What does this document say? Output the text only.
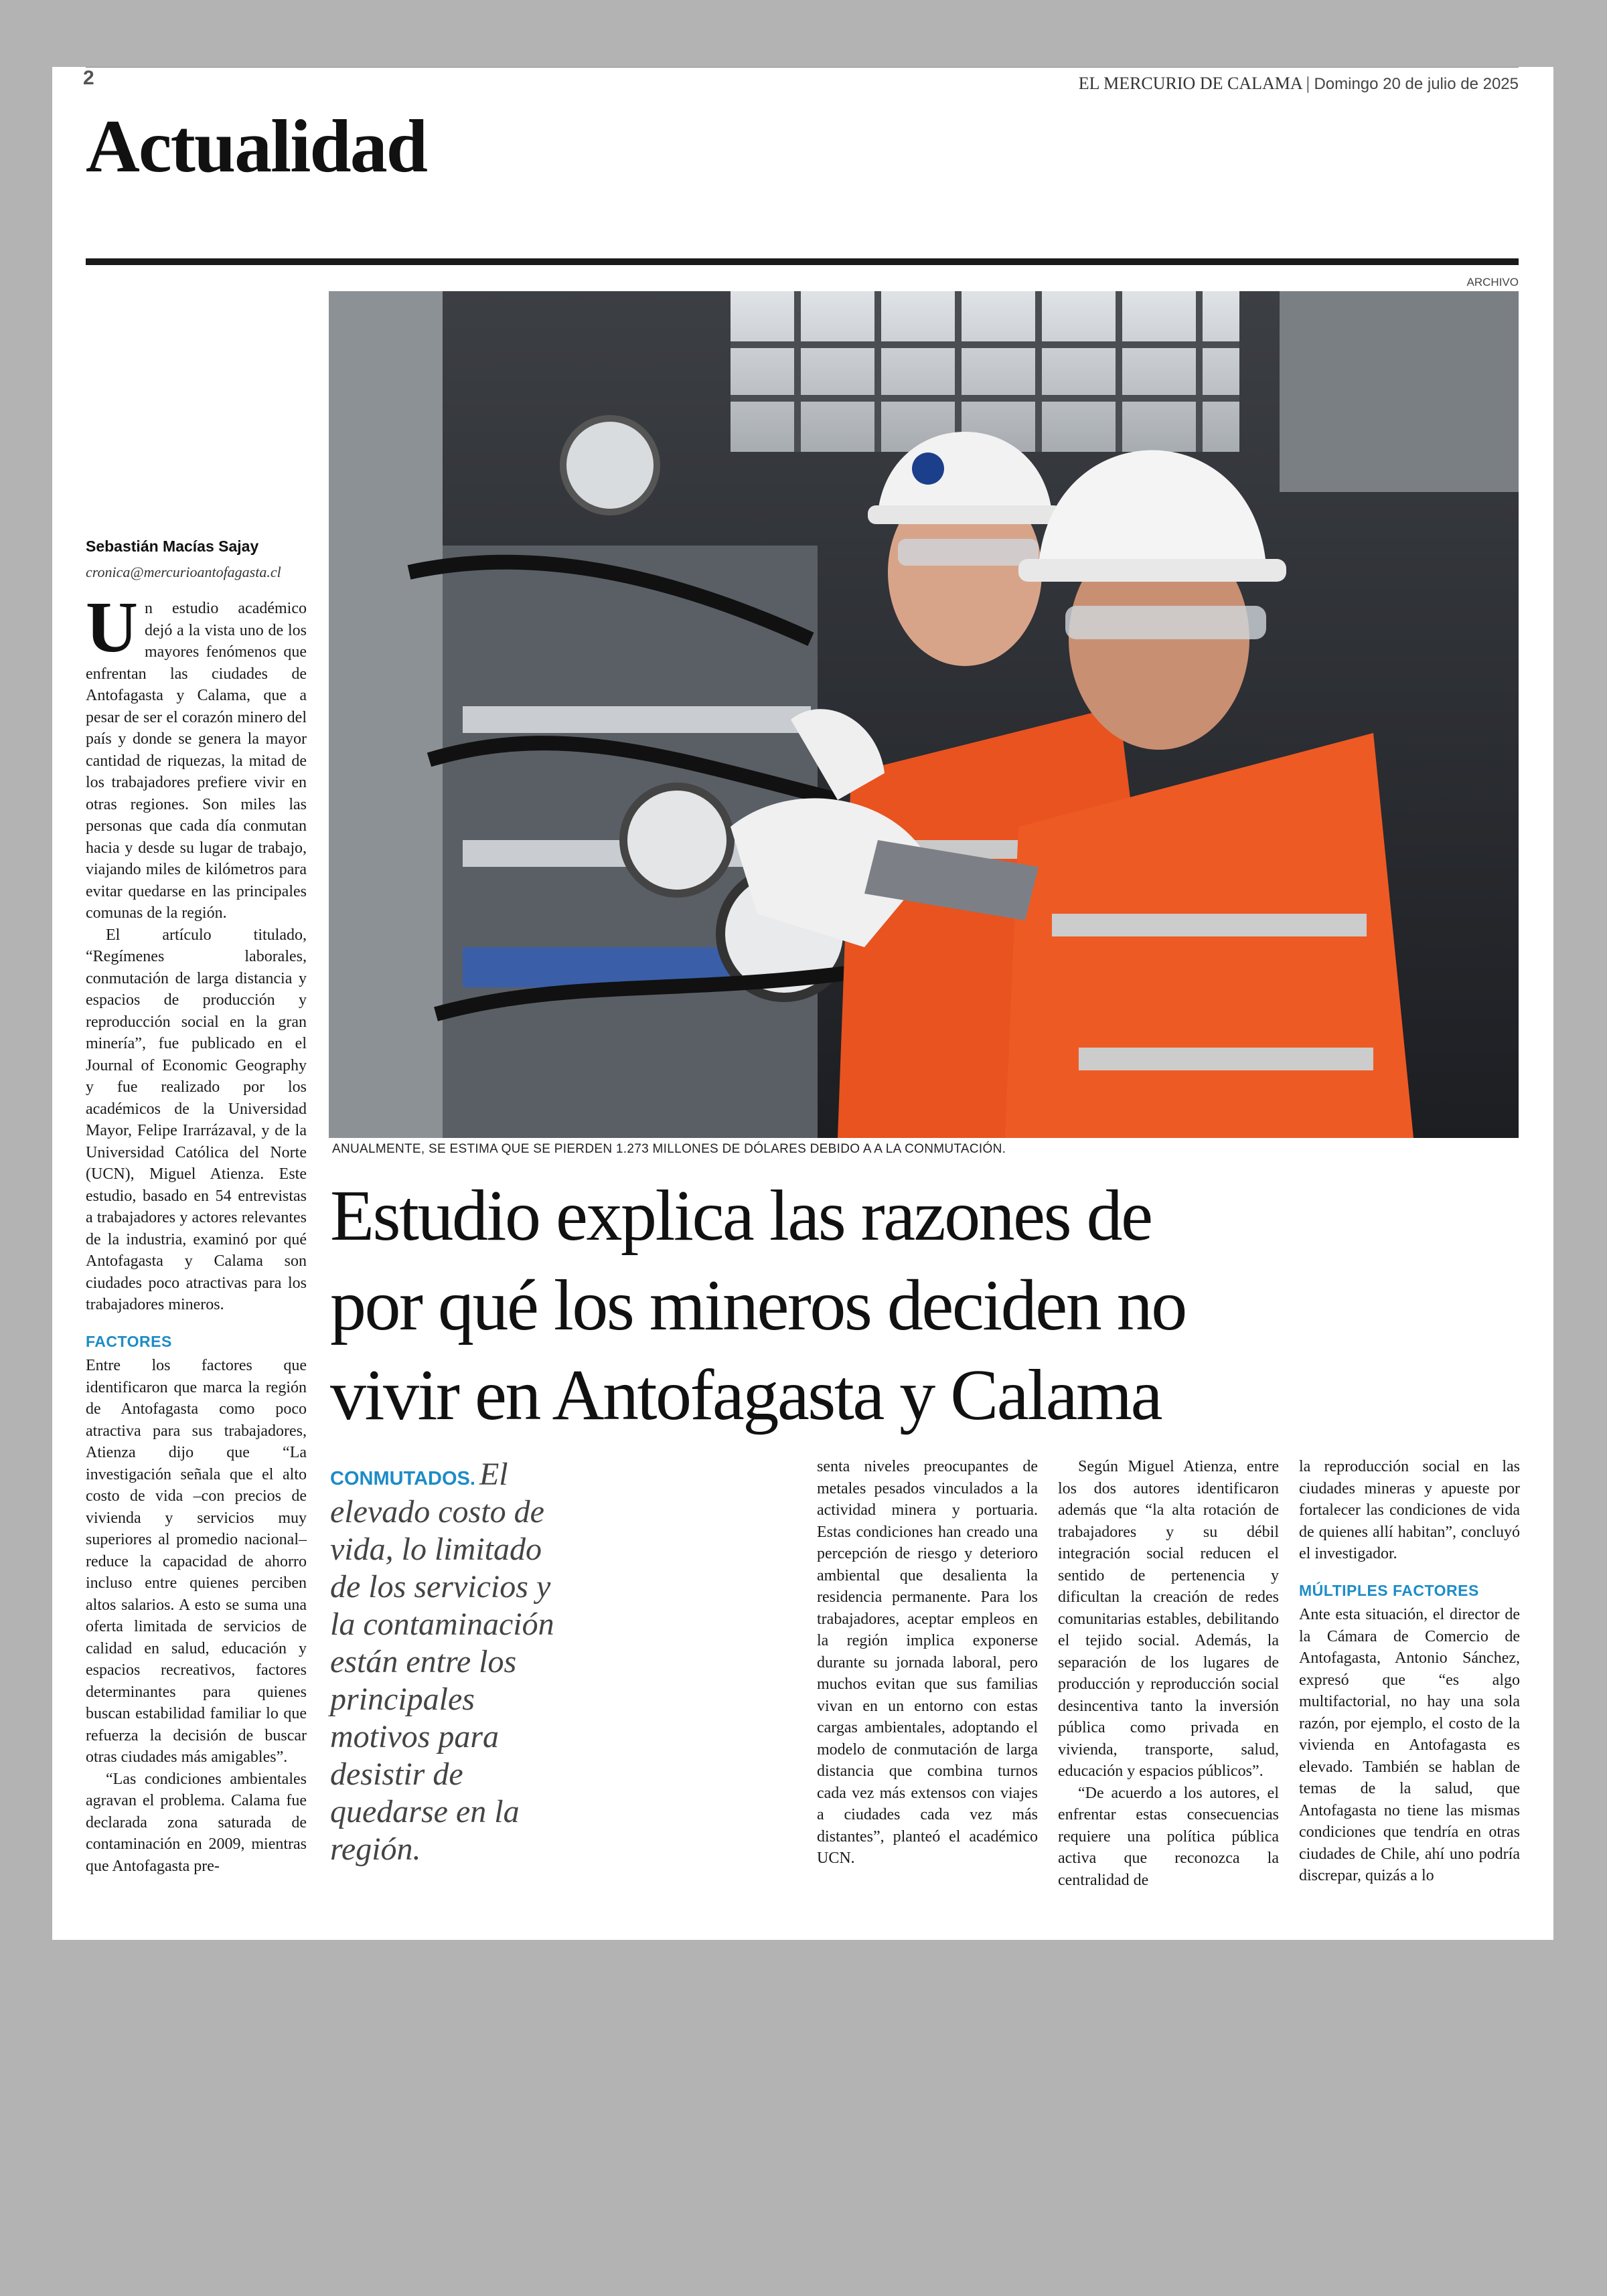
2	EL MERCURIO DE CALAMA | Domingo 20 de julio de 2025
Actualidad
ARCHIVO
ANUALMENTE, SE ESTIMA QUE SE PIERDEN 1.273 MILLONES DE DÓLARES DEBIDO A A LA CONMUTACIÓN.
Estudio explica las razones de
por qué los mineros deciden no
vivir en Antofagasta y Calama
Sebastián Macías Sajay
cronica@mercurioantofagasta.cl

Un estudio académico dejó a la vista uno de los mayores fenómenos que enfrentan las ciudades de Antofagasta y Calama, que a pesar de ser el corazón minero del país y donde se genera la mayor cantidad de riquezas, la mitad de los trabajadores prefiere vivir en otras regiones. Son miles las personas que cada día conmutan hacia y desde su lugar de trabajo, viajando miles de kilómetros para evitar quedarse en las principales comunas de la región.

El artículo titulado, “Regímenes laborales, conmutación de larga distancia y espacios de producción y reproducción social en la gran minería”, fue publicado en el Journal of Economic Geography y fue realizado por los académicos de la Universidad Mayor, Felipe Irarrázaval, y de la Universidad Católica del Norte (UCN), Miguel Atienza. Este estudio, basado en 54 entrevistas a trabajadores y actores relevantes de la industria, examinó por qué Antofagasta y Calama son ciudades poco atractivas para los trabajadores mineros.

FACTORES

Entre los factores que identificaron que marca la región de Antofagasta como poco atractiva para sus trabajadores, Atienza dijo que “La investigación señala que el alto costo de vida –con precios de vivienda y servicios muy superiores al promedio nacional– reduce la capacidad de ahorro incluso entre quienes perciben altos salarios. A esto se suma una oferta limitada de servicios de calidad en salud, educación y espacios recreativos, factores determinantes para quienes buscan estabilidad familiar lo que refuerza la decisión de buscar otras ciudades más amigables”.

“Las condiciones ambientales agravan el problema. Calama fue declarada zona saturada de contaminación en 2009, mientras que Antofagasta pre-

CONMUTADOS. El elevado costo de vida, lo limitado de los servicios y la contaminación están entre los principales motivos para desistir de quedarse en la región.

senta niveles preocupantes de metales pesados vinculados a la actividad minera y portuaria. Estas condiciones han creado una percepción de riesgo y deterioro ambiental que desalienta la residencia permanente. Para los trabajadores, aceptar empleos en la región implica exponerse durante su jornada laboral, pero muchos evitan que sus familias vivan en un entorno con estas cargas ambientales, adoptando el modelo de conmutación de larga distancia que combina turnos cada vez más extensos con viajes a ciudades cada vez más distantes”, planteó el académico UCN.

Según Miguel Atienza, entre los dos autores identificaron además que “la alta rotación de trabajadores y su débil integración social reducen el sentido de pertenencia y dificultan la creación de redes comunitarias estables, debilitando el tejido social. Además, la separación de los lugares de producción y reproducción social desincentiva tanto la inversión pública como privada en vivienda, transporte, salud, educación y espacios públicos”.

“De acuerdo a los autores, el enfrentar estas consecuencias requiere una política pública activa que reconozca la centralidad de

la reproducción social en las ciudades mineras y apueste por fortalecer las condiciones de vida de quienes allí habitan”, concluyó el investigador.

MÚLTIPLES FACTORES

Ante esta situación, el director de la Cámara de Comercio de Antofagasta, Antonio Sánchez, expresó que “es algo multifactorial, no hay una sola razón, por ejemplo, el costo de la vivienda en Antofagasta es elevado. También se hablan de temas de la salud, que Antofagasta no tiene las mismas condiciones que tendría en otras ciudades de Chile, ahí uno podría discrepar, quizás a lo
